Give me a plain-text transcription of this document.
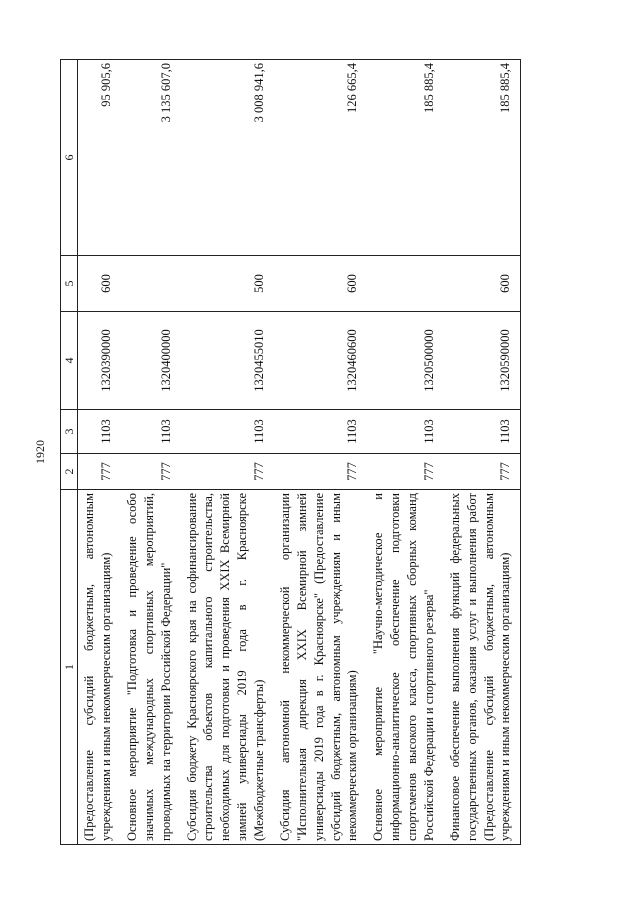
1920
1	2	3	4	5	6
(Предоставление субсидий бюджетным, автономным учреждениям и иным некоммерческим организациям)	777	1103	1320390000	600	95 905,6
Основное мероприятие "Подготовка и проведение особо значимых международных спортивных мероприятий, проводимых на территории Российской Федерации"	777	1103	1320400000		3 135 607,0
Субсидия бюджету Красноярского края на софинансирование строительства объектов капитального строительства, необходимых для подготовки и проведения XXIX Всемирной зимней универсиады 2019 года в г. Красноярске (Межбюджетные трансферты)	777	1103	1320455010	500	3 008 941,6
Субсидия автономной некоммерческой организации "Исполнительная дирекция XXIX Всемирной зимней универсиады 2019 года в г. Красноярске" (Предоставление субсидий бюджетным, автономным учреждениям и иным некоммерческим организациям)	777	1103	1320460600	600	126 665,4
Основное мероприятие "Научно-методическое и информационно-аналитическое обеспечение подготовки спортсменов высокого класса, спортивных сборных команд Российской Федерации и спортивного резерва"	777	1103	1320500000		185 885,4
Финансовое обеспечение выполнения функций федеральных государственных органов, оказания услуг и выполнения работ (Предоставление субсидий бюджетным, автономным учреждениям и иным некоммерческим организациям)	777	1103	1320590000	600	185 885,4
